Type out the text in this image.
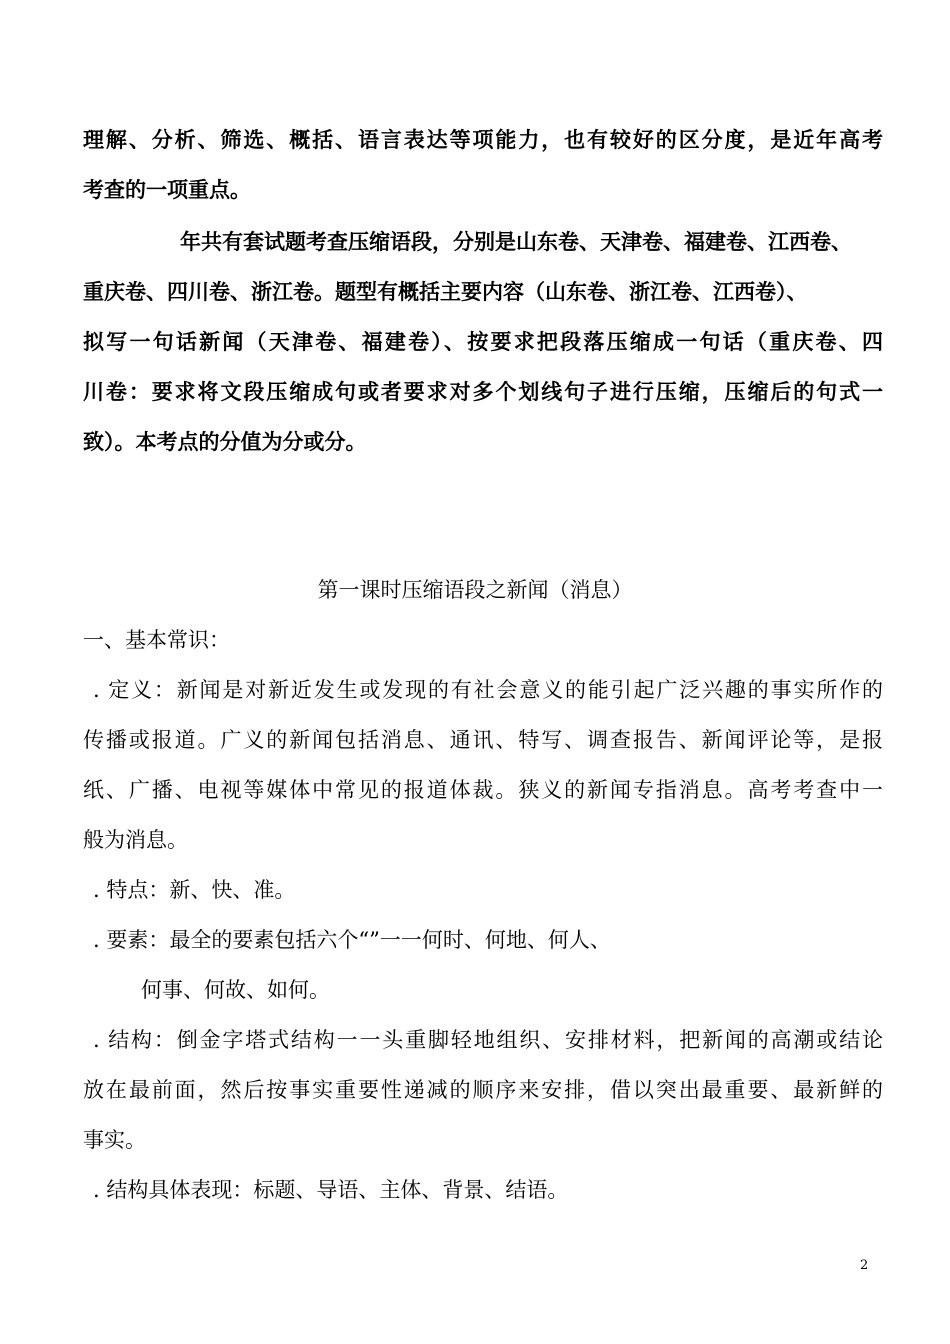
理解、分析、筛选、概括、语言表达等项能力，也有较好的区分度，是近年高考
考查的一项重点。
年共有套试题考查压缩语段，分别是山东卷、天津卷、福建卷、江西卷、
重庆卷、四川卷、浙江卷。题型有概括主要内容（山东卷、浙江卷、江西卷）、
拟写一句话新闻（天津卷、福建卷）、按要求把段落压缩成一句话（重庆卷、四
川卷：要求将文段压缩成句或者要求对多个划线句子进行压缩，压缩后的句式一
致）。本考点的分值为分或分。
第一课时压缩语段之新闻（消息）
一、基本常识：
. 定义：新闻是对新近发生或发现的有社会意义的能引起广泛兴趣的事实所作的
传播或报道。广义的新闻包括消息、通讯、特写、调查报告、新闻评论等，是报
纸、广播、电视等媒体中常见的报道体裁。狭义的新闻专指消息。高考考查中一
般为消息。
. 特点：新、快、准。
. 要素：最全的要素包括六个“”一一何时、何地、何人、
何事、何故、如何。
. 结构：倒金字塔式结构一一头重脚轻地组织、安排材料，把新闻的高潮或结论
放在最前面，然后按事实重要性递减的顺序来安排，借以突出最重要、最新鲜的
事实。
. 结构具体表现：标题、导语、主体、背景、结语。
2
